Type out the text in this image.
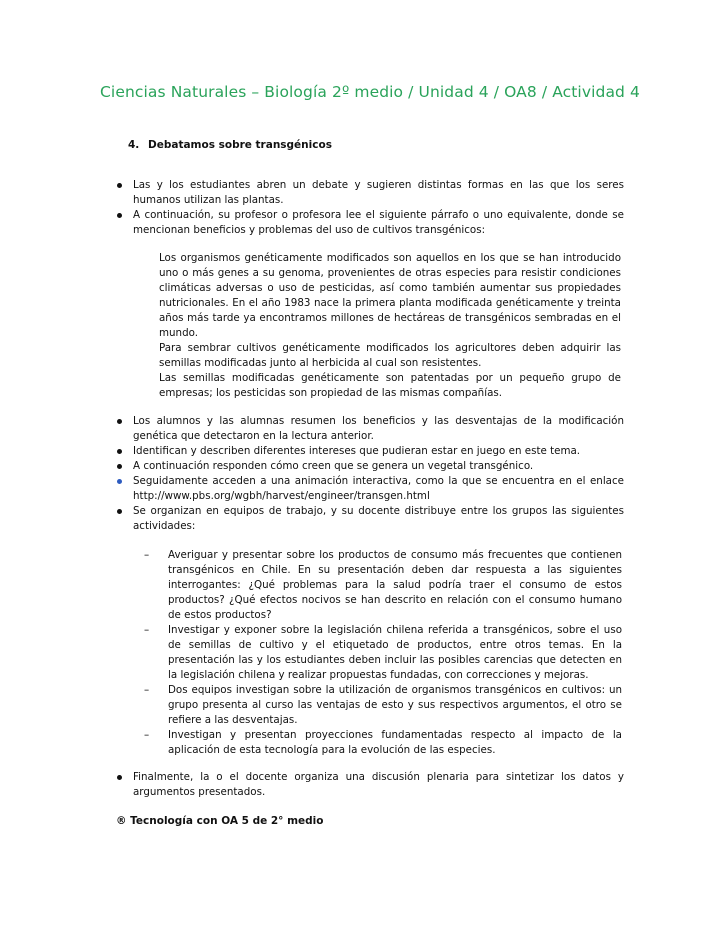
Ciencias Naturales – Biología 2º medio / Unidad 4 / OA8 / Actividad 4
4. Debatamos sobre transgénicos
Las y los estudiantes abren un debate y sugieren distintas formas en las que los seres humanos utilizan las plantas.
A continuación, su profesor o profesora lee el siguiente párrafo o uno equivalente, donde se mencionan beneficios y problemas del uso de cultivos transgénicos:

Los organismos genéticamente modificados son aquellos en los que se han introducido uno o más genes a su genoma, provenientes de otras especies para resistir condiciones climáticas adversas o uso de pesticidas, así como también aumentar sus propiedades nutricionales. En el año 1983 nace la primera planta modificada genéticamente y treinta años más tarde ya encontramos millones de hectáreas de transgénicos sembradas en el mundo.

Para sembrar cultivos genéticamente modificados los agricultores deben adquirir las semillas modificadas junto al herbicida al cual son resistentes.

Las semillas modificadas genéticamente son patentadas por un pequeño grupo de empresas; los pesticidas son propiedad de las mismas compañías.

Los alumnos y las alumnas resumen los beneficios y las desventajas de la modificación genética que detectaron en la lectura anterior.
Identifican y describen diferentes intereses que pudieran estar en juego en este tema.
A continuación responden cómo creen que se genera un vegetal transgénico.
Seguidamente acceden a una animación interactiva, como la que se encuentra en el enlace http://www.pbs.org/wgbh/harvest/engineer/transgen.html
Se organizan en equipos de trabajo, y su docente distribuye entre los grupos las siguientes actividades:
– Averiguar y presentar sobre los productos de consumo más frecuentes que contienen transgénicos en Chile. En su presentación deben dar respuesta a las siguientes interrogantes: ¿Qué problemas para la salud podría traer el consumo de estos productos? ¿Qué efectos nocivos se han descrito en relación con el consumo humano de estos productos?
– Investigar y exponer sobre la legislación chilena referida a transgénicos, sobre el uso de semillas de cultivo y el etiquetado de productos, entre otros temas. En la presentación las y los estudiantes deben incluir las posibles carencias que detecten en la legislación chilena y realizar propuestas fundadas, con correcciones y mejoras.
– Dos equipos investigan sobre la utilización de organismos transgénicos en cultivos: un grupo presenta al curso las ventajas de esto y sus respectivos argumentos, el otro se refiere a las desventajas.
– Investigan y presentan proyecciones fundamentadas respecto al impacto de la aplicación de esta tecnología para la evolución de las especies.
Finalmente, la o el docente organiza una discusión plenaria para sintetizar los datos y argumentos presentados.
® Tecnología con OA 5 de 2° medio
